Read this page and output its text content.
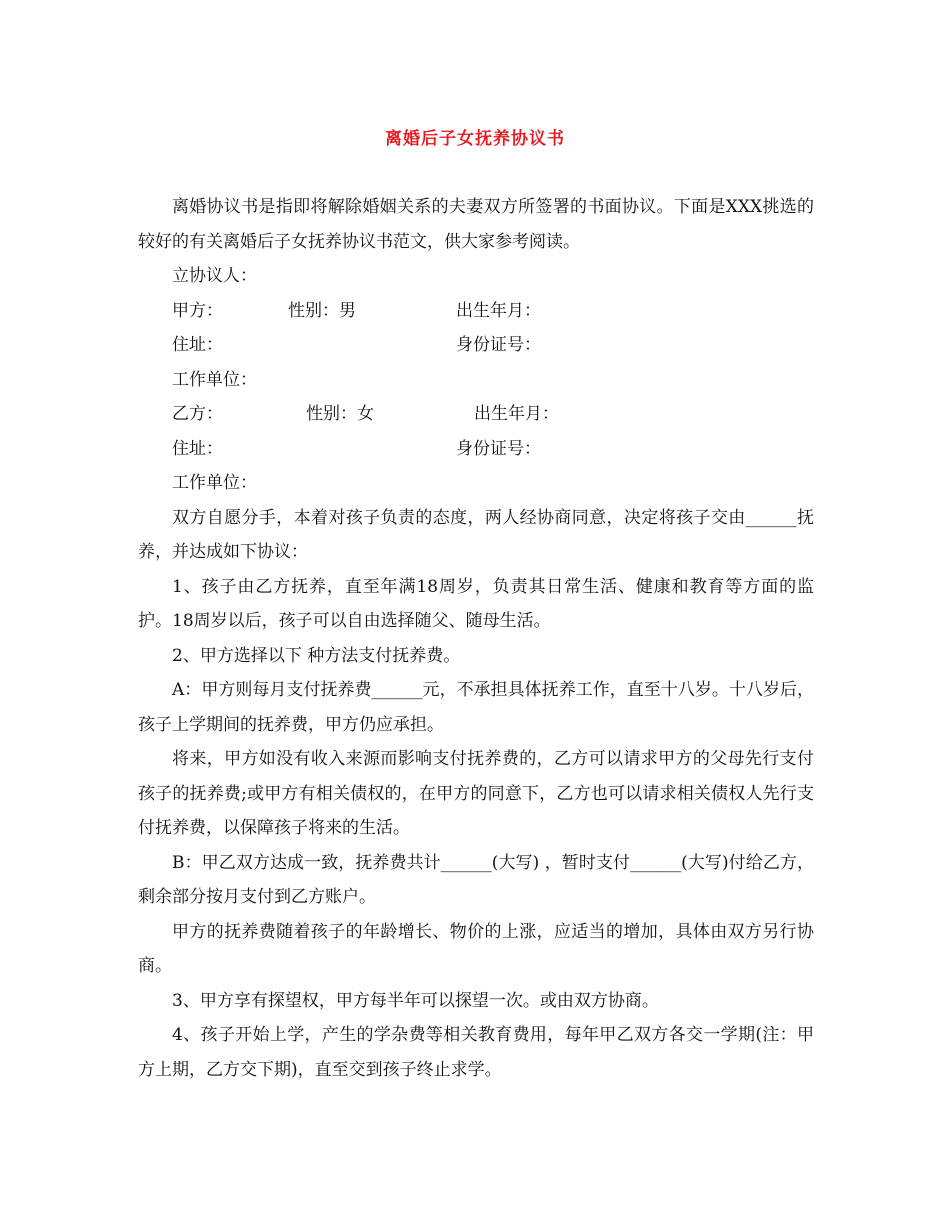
离婚后子女抚养协议书

离婚协议书是指即将解除婚姻关系的夫妻双方所签署的书面协议。下面是XXX挑选的较好的有关离婚后子女抚养协议书范文，供大家参考阅读。

立协议人：
甲方：	性别：男	出生年月：
住址：	身份证号：
工作单位：
乙方：	性别：女	出生年月：
住址：	身份证号：
工作单位：

双方自愿分手，本着对孩子负责的态度，两人经协商同意，决定将孩子交由______抚养，并达成如下协议：

1、孩子由乙方抚养，直至年满18周岁，负责其日常生活、健康和教育等方面的监护。18周岁以后，孩子可以自由选择随父、随母生活。

2、甲方选择以下 种方法支付抚养费。

A：甲方则每月支付抚养费______元，不承担具体抚养工作，直至十八岁。十八岁后，孩子上学期间的抚养费，甲方仍应承担。

将来，甲方如没有收入来源而影响支付抚养费的，乙方可以请求甲方的父母先行支付孩子的抚养费;或甲方有相关债权的，在甲方的同意下，乙方也可以请求相关债权人先行支付抚养费，以保障孩子将来的生活。

B：甲乙双方达成一致，抚养费共计______(大写) ，暂时支付______(大写)付给乙方，剩余部分按月支付到乙方账户。

甲方的抚养费随着孩子的年龄增长、物价的上涨，应适当的增加，具体由双方另行协商。

3、甲方享有探望权，甲方每半年可以探望一次。或由双方协商。

4、孩子开始上学，产生的学杂费等相关教育费用，每年甲乙双方各交一学期(注：甲方上期，乙方交下期)，直至交到孩子终止求学。
